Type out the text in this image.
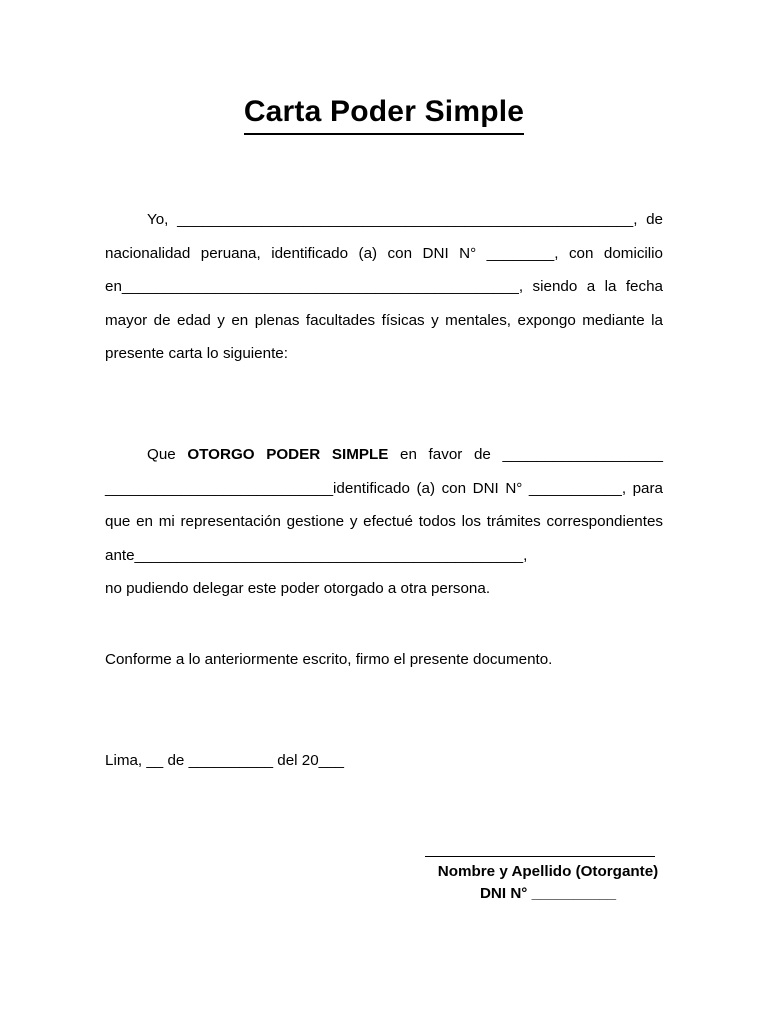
Carta Poder Simple

Yo, ______________________________________________________, de nacionalidad peruana, identificado (a) con DNI N° ________, con domicilio en_______________________________________________, siendo a la fecha mayor de edad y en plenas facultades físicas y mentales, expongo mediante la presente carta lo siguiente:

Que OTORGO PODER SIMPLE en favor de ___________________ ___________________________identificado (a) con DNI N° ___________, para que en mi representación gestione y efectué todos los trámites correspondientes ante______________________________________________,

no pudiendo delegar este poder otorgado a otra persona.

Conforme a lo anteriormente escrito, firmo el presente documento.

Lima, __ de __________ del 20___

Nombre y Apellido (Otorgante)
DNI N° __________
